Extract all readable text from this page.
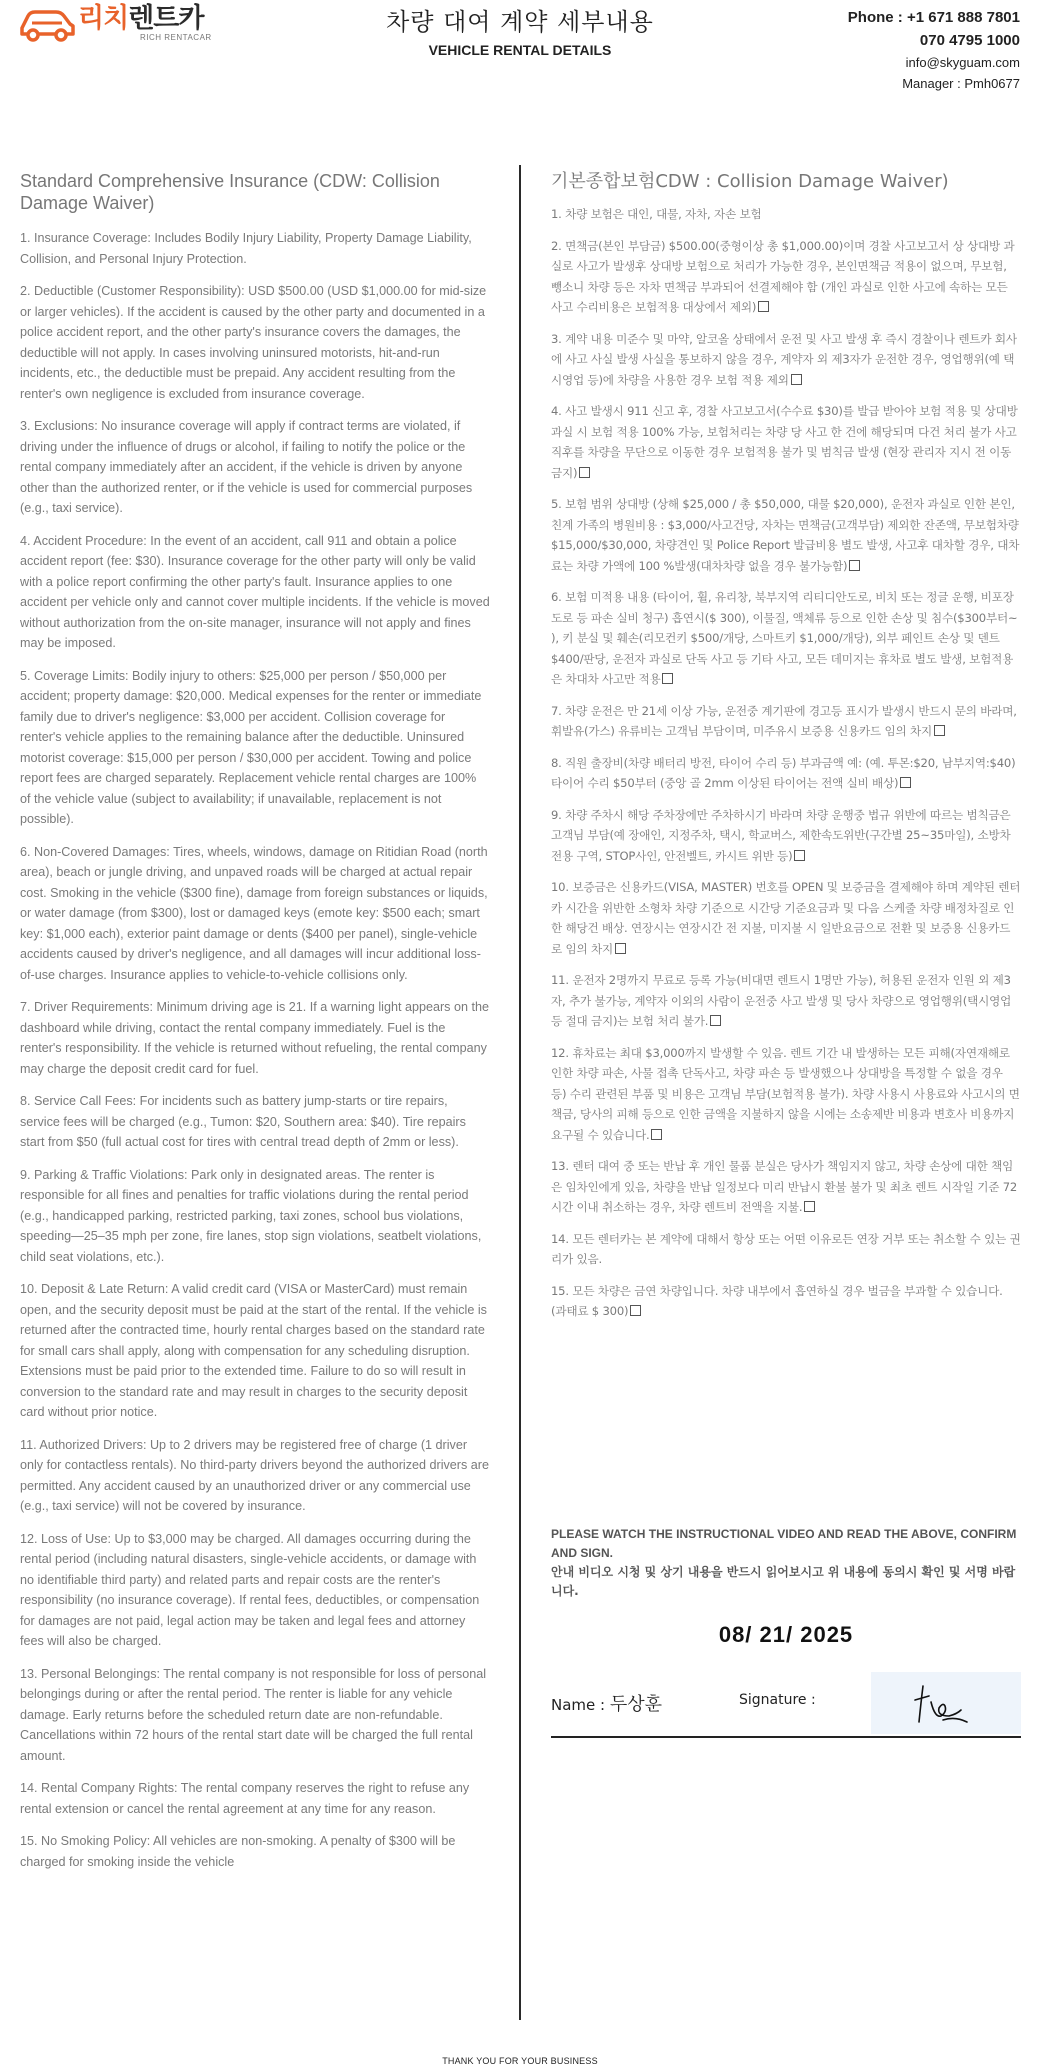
리치렌트카
RICH RENTACAR
차량 대여 계약 세부내용
VEHICLE RENTAL DETAILS
Phone : +1 671 888 7801
070 4795 1000
info@skyguam.com
Manager : Pmh0677
Standard Comprehensive Insurance (CDW: Collision Damage Waiver)
1. Insurance Coverage: Includes Bodily Injury Liability, Property Damage Liability, Collision, and Personal Injury Protection.
2. Deductible (Customer Responsibility): USD $500.00 (USD $1,000.00 for mid-size or larger vehicles). If the accident is caused by the other party and documented in a police accident report, and the other party's insurance covers the damages, the deductible will not apply. In cases involving uninsured motorists, hit-and-run incidents, etc., the deductible must be prepaid. Any accident resulting from the renter's own negligence is excluded from insurance coverage.
3. Exclusions: No insurance coverage will apply if contract terms are violated, if driving under the influence of drugs or alcohol, if failing to notify the police or the rental company immediately after an accident, if the vehicle is driven by anyone other than the authorized renter, or if the vehicle is used for commercial purposes (e.g., taxi service).
4. Accident Procedure: In the event of an accident, call 911 and obtain a police accident report (fee: $30). Insurance coverage for the other party will only be valid with a police report confirming the other party's fault. Insurance applies to one accident per vehicle only and cannot cover multiple incidents. If the vehicle is moved without authorization from the on-site manager, insurance will not apply and fines may be imposed.
5. Coverage Limits: Bodily injury to others: $25,000 per person / $50,000 per accident; property damage: $20,000. Medical expenses for the renter or immediate family due to driver's negligence: $3,000 per accident. Collision coverage for renter's vehicle applies to the remaining balance after the deductible. Uninsured motorist coverage: $15,000 per person / $30,000 per accident. Towing and police report fees are charged separately. Replacement vehicle rental charges are 100% of the vehicle value (subject to availability; if unavailable, replacement is not possible).
6. Non-Covered Damages: Tires, wheels, windows, damage on Ritidian Road (north area), beach or jungle driving, and unpaved roads will be charged at actual repair cost. Smoking in the vehicle ($300 fine), damage from foreign substances or liquids, or water damage (from $300), lost or damaged keys (emote key: $500 each; smart key: $1,000 each), exterior paint damage or dents ($400 per panel), single-vehicle accidents caused by driver's negligence, and all damages will incur additional loss-of-use charges. Insurance applies to vehicle-to-vehicle collisions only.
7. Driver Requirements: Minimum driving age is 21. If a warning light appears on the dashboard while driving, contact the rental company immediately. Fuel is the renter's responsibility. If the vehicle is returned without refueling, the rental company may charge the deposit credit card for fuel.
8. Service Call Fees: For incidents such as battery jump-starts or tire repairs, service fees will be charged (e.g., Tumon: $20, Southern area: $40). Tire repairs start from $50 (full actual cost for tires with central tread depth of 2mm or less).
9. Parking & Traffic Violations: Park only in designated areas. The renter is responsible for all fines and penalties for traffic violations during the rental period (e.g., handicapped parking, restricted parking, taxi zones, school bus violations, speeding—25–35 mph per zone, fire lanes, stop sign violations, seatbelt violations, child seat violations, etc.).
10. Deposit & Late Return: A valid credit card (VISA or MasterCard) must remain open, and the security deposit must be paid at the start of the rental. If the vehicle is returned after the contracted time, hourly rental charges based on the standard rate for small cars shall apply, along with compensation for any scheduling disruption. Extensions must be paid prior to the extended time. Failure to do so will result in conversion to the standard rate and may result in charges to the security deposit card without prior notice.
11. Authorized Drivers: Up to 2 drivers may be registered free of charge (1 driver only for contactless rentals). No third-party drivers beyond the authorized drivers are permitted. Any accident caused by an unauthorized driver or any commercial use (e.g., taxi service) will not be covered by insurance.
12. Loss of Use: Up to $3,000 may be charged. All damages occurring during the rental period (including natural disasters, single-vehicle accidents, or damage with no identifiable third party) and related parts and repair costs are the renter's responsibility (no insurance coverage). If rental fees, deductibles, or compensation for damages are not paid, legal action may be taken and legal fees and attorney fees will also be charged.
13. Personal Belongings: The rental company is not responsible for loss of personal belongings during or after the rental period. The renter is liable for any vehicle damage. Early returns before the scheduled return date are non-refundable. Cancellations within 72 hours of the rental start date will be charged the full rental amount.
14. Rental Company Rights: The rental company reserves the right to refuse any rental extension or cancel the rental agreement at any time for any reason.
15. No Smoking Policy: All vehicles are non-smoking. A penalty of $300 will be charged for smoking inside the vehicle
기본종합보험CDW : Collision Damage Waiver)
1. 차량 보험은 대인, 대물, 자차, 자손 보험
2. 면책금(본인 부담금) $500.00(중형이상 총 $1,000.00)이며 경찰 사고보고서 상 상대방 과실로 사고가 발생후 상대방 보험으로 처리가 가능한 경우, 본인면책금 적용이 없으며, 무보험, 뺑소니 차량 등은 자차 면책금 부과되어 선결제해야 함 (개인 과실로 인한 사고에 속하는 모든 사고 수리비용은 보험적용 대상에서 제외)
3. 계약 내용 미준수 및 마약, 알코올 상태에서 운전 및 사고 발생 후 즉시 경찰이나 렌트카 회사에 사고 사실 발생 사실을 통보하지 않을 경우, 계약자 외 제3자가 운전한 경우, 영업행위(예 택시영업 등)에 차량을 사용한 경우 보험 적용 제외
4. 사고 발생시 911 신고 후, 경찰 사고보고서(수수료 $30)를 발급 받아야 보험 적용 및 상대방 과실 시 보험 적용 100% 가능, 보험처리는 차량 당 사고 한 건에 해당되며 다건 처리 불가 사고 직후를 차량을 무단으로 이동한 경우 보험적용 불가 및 범칙금 발생 (현장 관리자 지시 전 이동 금지)
5. 보험 범위 상대방 (상해 $25,000 / 총 $50,000, 대물 $20,000), 운전자 과실로 인한 본인, 친계 가족의 병원비용 : $3,000/사고건당, 자차는 면책금(고객부담) 제외한 잔존액, 무보험차량 $15,000/$30,000, 차량견인 및 Police Report 발급비용 별도 발생, 사고후 대차할 경우, 대차 료는 차량 가액에 100 %발생(대차차량 없을 경우 불가능함)
6. 보험 미적용 내용 (타이어, 휠, 유리창, 북부지역 리티디안도로, 비치 또는 정글 운행, 비포장 도로 등 파손 실비 청구) 흡연시($ 300), 이물질, 액체류 등으로 인한 손상 및 침수($300부터~ ), 키 분실 및 훼손(리모컨키 $500/개당, 스마트키 $1,000/개당), 외부 페인트 손상 및 덴트 $400/판당, 운전자 과실로 단독 사고 등 기타 사고, 모든 데미지는 휴차료 별도 발생, 보험적용은 차대차 사고만 적용
7. 차량 운전은 만 21세 이상 가능, 운전중 계기판에 경고등 표시가 발생시 반드시 문의 바라며, 휘발유(가스) 유류비는 고객님 부담이며, 미주유시 보증용 신용카드 임의 차지
8. 직원 출장비(차량 배터리 방전, 타이어 수리 등) 부과금액 예: (예. 투몬:$20, 남부지역:$40) 타이어 수리 $50부터 (중앙 골 2mm 이상된 타이어는 전액 실비 배상)
9. 차량 주차시 해당 주차장에만 주차하시기 바라며 차량 운행중 법규 위반에 따르는 범칙금은 고객님 부담(예 장애인, 지정주차, 택시, 학교버스, 제한속도위반(구간별 25~35마일), 소방차전용 구역, STOP사인, 안전벨트, 카시트 위반 등)
10. 보증금은 신용카드(VISA, MASTER) 번호를 OPEN 및 보증금을 결제해야 하며 계약된 렌터카 시간을 위반한 소형차 차량 기준으로 시간당 기준요금과 및 다음 스케줄 차량 배정차질로 인한 해당건 배상. 연장시는 연장시간 전 지불, 미지불 시 일반요금으로 전환 및 보증용 신용카드로 임의 차지
11. 운전자 2명까지 무료로 등록 가능(비대면 렌트시 1명만 가능), 허용된 운전자 인원 외 제3자, 추가 불가능, 계약자 이외의 사람이 운전중 사고 발생 및 당사 차량으로 영업행위(택시영업 등 절대 금지)는 보험 처리 불가.
12. 휴차료는 최대 $3,000까지 발생할 수 있음. 렌트 기간 내 발생하는 모든 피해(자연재해로 인한 차량 파손, 사물 접촉 단독사고, 차량 파손 등 발생했으나 상대방을 특정할 수 없을 경우 등) 수리 관련된 부품 및 비용은 고객님 부담(보험적용 불가). 차량 사용시 사용료와 사고시의 면책금, 당사의 피해 등으로 인한 금액을 지불하지 않을 시에는 소송제반 비용과 변호사 비용까지 요구될 수 있습니다.
13. 렌터 대여 중 또는 반납 후 개인 물품 분실은 당사가 책임지지 않고, 차량 손상에 대한 책임은 임차인에게 있음, 차량을 반납 일정보다 미리 반납시 환불 불가 및 최초 렌트 시작일 기준 72시간 이내 취소하는 경우, 차량 렌트비 전액을 지불.
14. 모든 렌터카는 본 계약에 대해서 항상 또는 어떤 이유로든 연장 거부 또는 취소할 수 있는 권리가 있음.
15. 모든 차량은 금연 차량입니다. 차량 내부에서 흡연하실 경우 벌금을 부과할 수 있습니다. (과태료 $ 300)
PLEASE WATCH THE INSTRUCTIONAL VIDEO AND READ THE ABOVE, CONFIRM AND SIGN.
안내 비디오 시청 및 상기 내용을 반드시 읽어보시고 위 내용에 동의시 확인 및 서명 바랍니다.
08/ 21/ 2025
Name : 두상훈	Signature :
THANK YOU FOR YOUR BUSINESS
